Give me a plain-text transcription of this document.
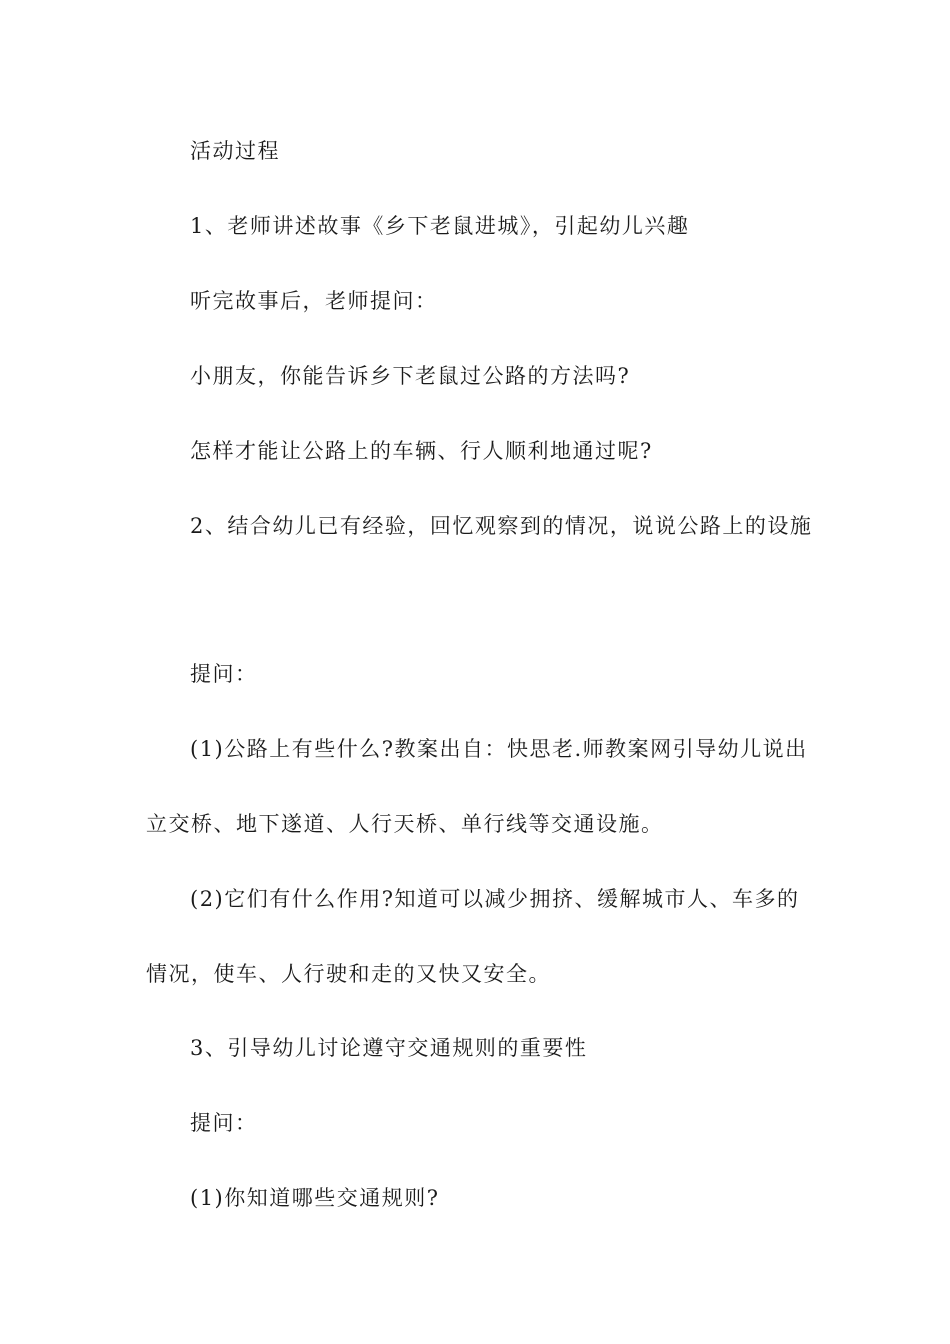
活动过程
1、老师讲述故事《乡下老鼠进城》，引起幼儿兴趣
听完故事后，老师提问：
小朋友，你能告诉乡下老鼠过公路的方法吗?
怎样才能让公路上的车辆、行人顺利地通过呢?
2、结合幼儿已有经验，回忆观察到的情况，说说公路上的设施
提问：
(1)公路上有些什么?教案出自：快思老.师教案网引导幼儿说出
立交桥、地下遂道、人行天桥、单行线等交通设施。
(2)它们有什么作用?知道可以减少拥挤、缓解城市人、车多的
情况，使车、人行驶和走的又快又安全。
3、引导幼儿讨论遵守交通规则的重要性
提问：
(1)你知道哪些交通规则?
